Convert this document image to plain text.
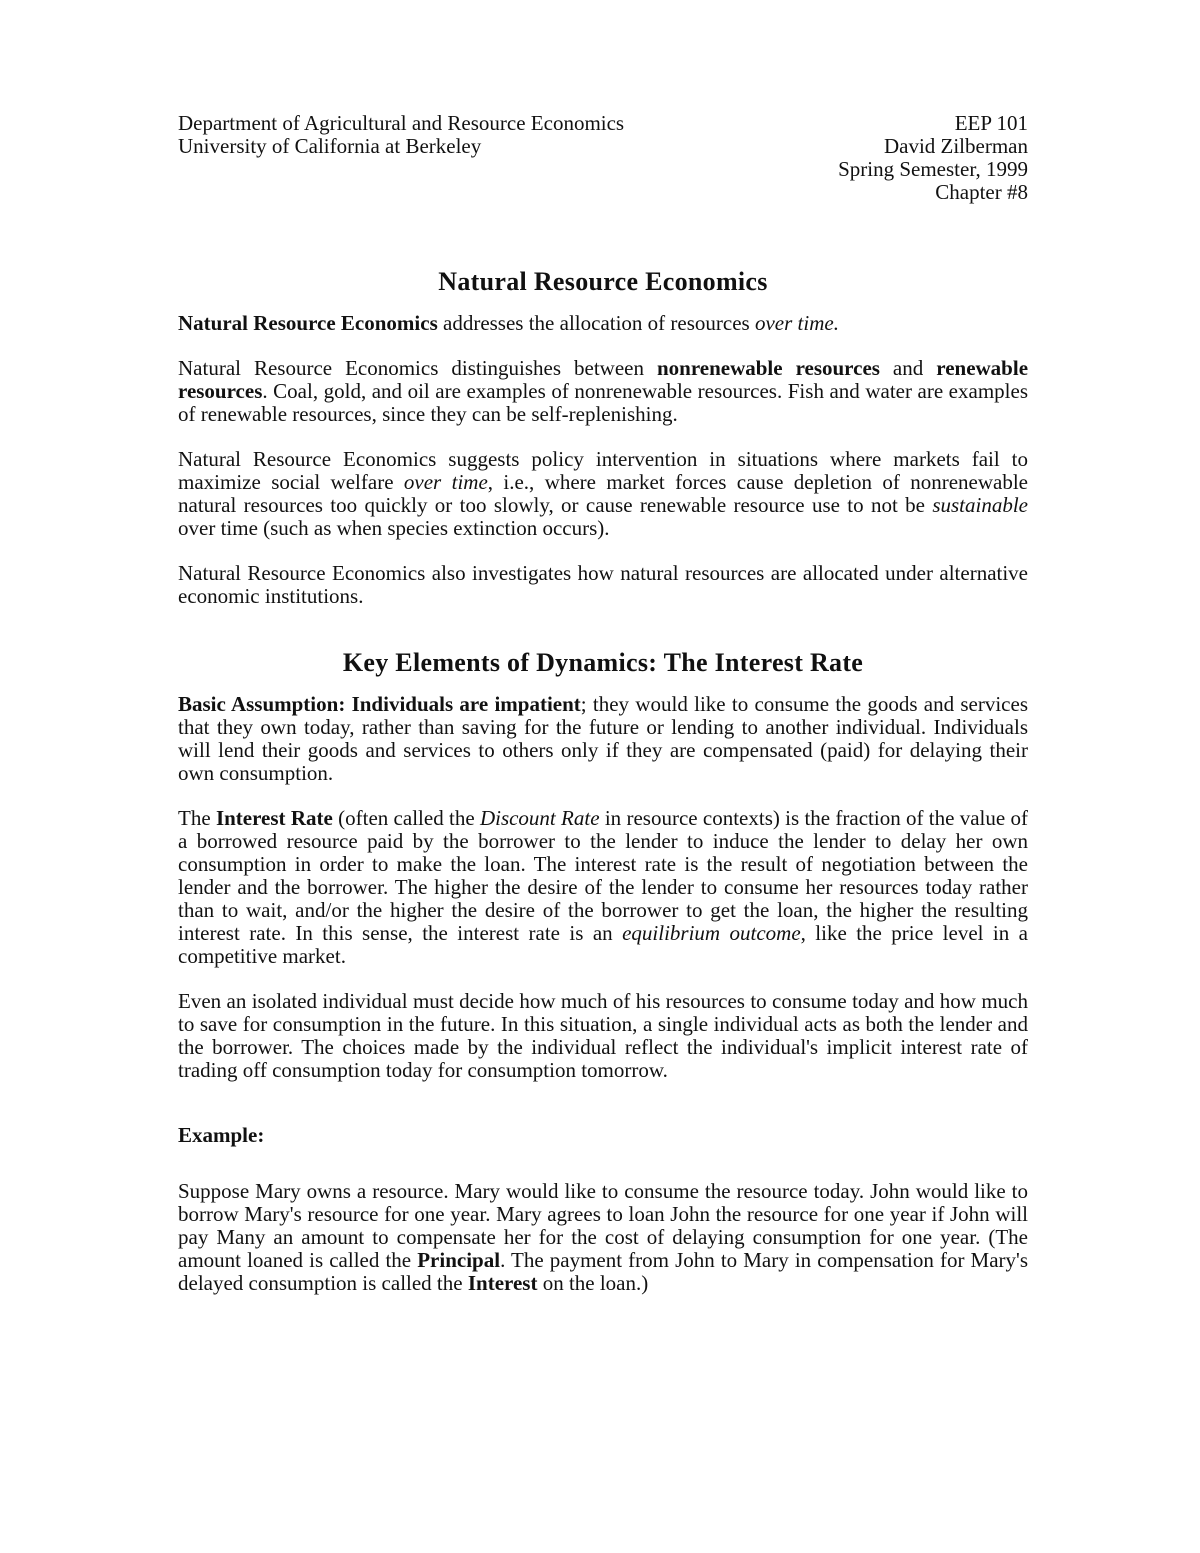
Department of Agricultural and Resource Economics
University of California at Berkeley
EEP 101
David Zilberman
Spring Semester, 1999
Chapter #8
Natural Resource Economics

Natural Resource Economics addresses the allocation of resources over time.

Natural Resource Economics distinguishes between nonrenewable resources and renewable resources. Coal, gold, and oil are examples of nonrenewable resources. Fish and water are examples of renewable resources, since they can be self-replenishing.

Natural Resource Economics suggests policy intervention in situations where markets fail to maximize social welfare over time, i.e., where market forces cause depletion of nonrenewable natural resources too quickly or too slowly, or cause renewable resource use to not be sustainable over time (such as when species extinction occurs).

Natural Resource Economics also investigates how natural resources are allocated under alternative economic institutions.

Key Elements of Dynamics: The Interest Rate

Basic Assumption: Individuals are impatient; they would like to consume the goods and services that they own today, rather than saving for the future or lending to another individual. Individuals will lend their goods and services to others only if they are compensated (paid) for delaying their own consumption.

The Interest Rate (often called the Discount Rate in resource contexts) is the fraction of the value of a borrowed resource paid by the borrower to the lender to induce the lender to delay her own consumption in order to make the loan. The interest rate is the result of negotiation between the lender and the borrower. The higher the desire of the lender to consume her resources today rather than to wait, and/or the higher the desire of the borrower to get the loan, the higher the resulting interest rate. In this sense, the interest rate is an equilibrium outcome, like the price level in a competitive market.

Even an isolated individual must decide how much of his resources to consume today and how much to save for consumption in the future. In this situation, a single individual acts as both the lender and the borrower. The choices made by the individual reflect the individual's implicit interest rate of trading off consumption today for consumption tomorrow.

Example:

Suppose Mary owns a resource. Mary would like to consume the resource today. John would like to borrow Mary's resource for one year. Mary agrees to loan John the resource for one year if John will pay Many an amount to compensate her for the cost of delaying consumption for one year. (The amount loaned is called the Principal. The payment from John to Mary in compensation for Mary's delayed consumption is called the Interest on the loan.)
